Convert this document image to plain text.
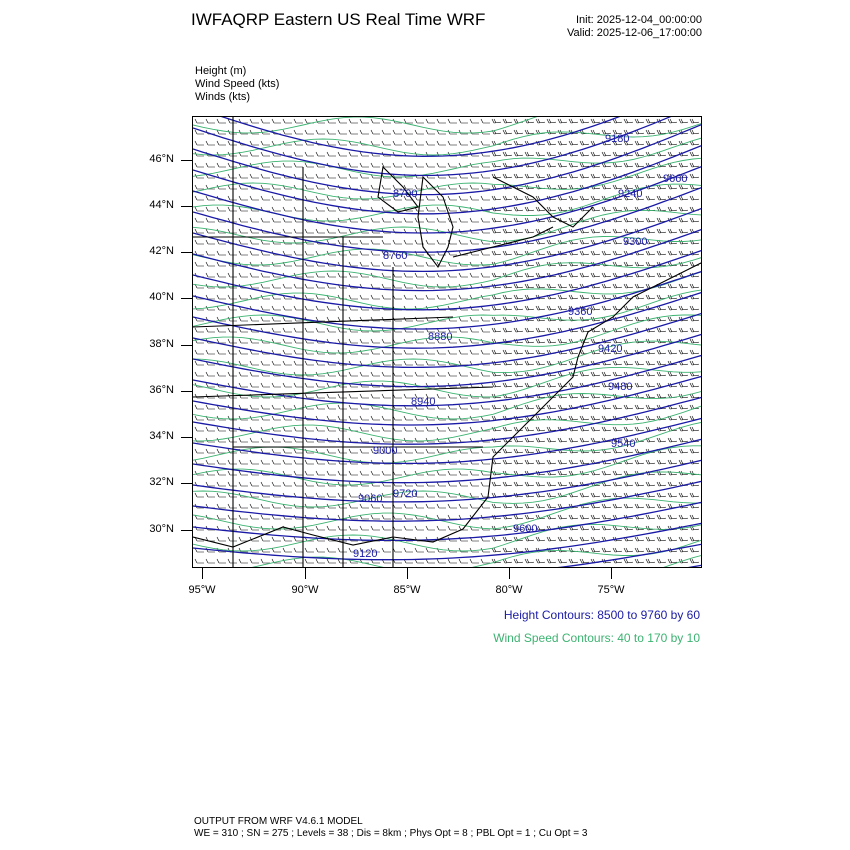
IWFAQRP Eastern US Real Time WRF	Init: 2025-12-04_00:00:00
Valid: 2025-12-06_17:00:00
Height (m)
Wind Speed (kts)
Winds (kts)
8700
8760
8880
8940
9000
9060
9120
9180
9240
9300
9360
9420
9480
9540
9600
9660
9720
46°N
44°N
42°N
40°N
38°N
36°N
34°N
32°N
30°N
95°W	90°W	85°W	80°W	75°W
Height Contours: 8500 to 9760 by 60
Wind Speed Contours: 40 to 170 by 10
OUTPUT FROM WRF V4.6.1 MODEL
WE = 310 ; SN = 275 ; Levels = 38 ; Dis = 8km ; Phys Opt = 8 ; PBL Opt = 1 ; Cu Opt = 3
